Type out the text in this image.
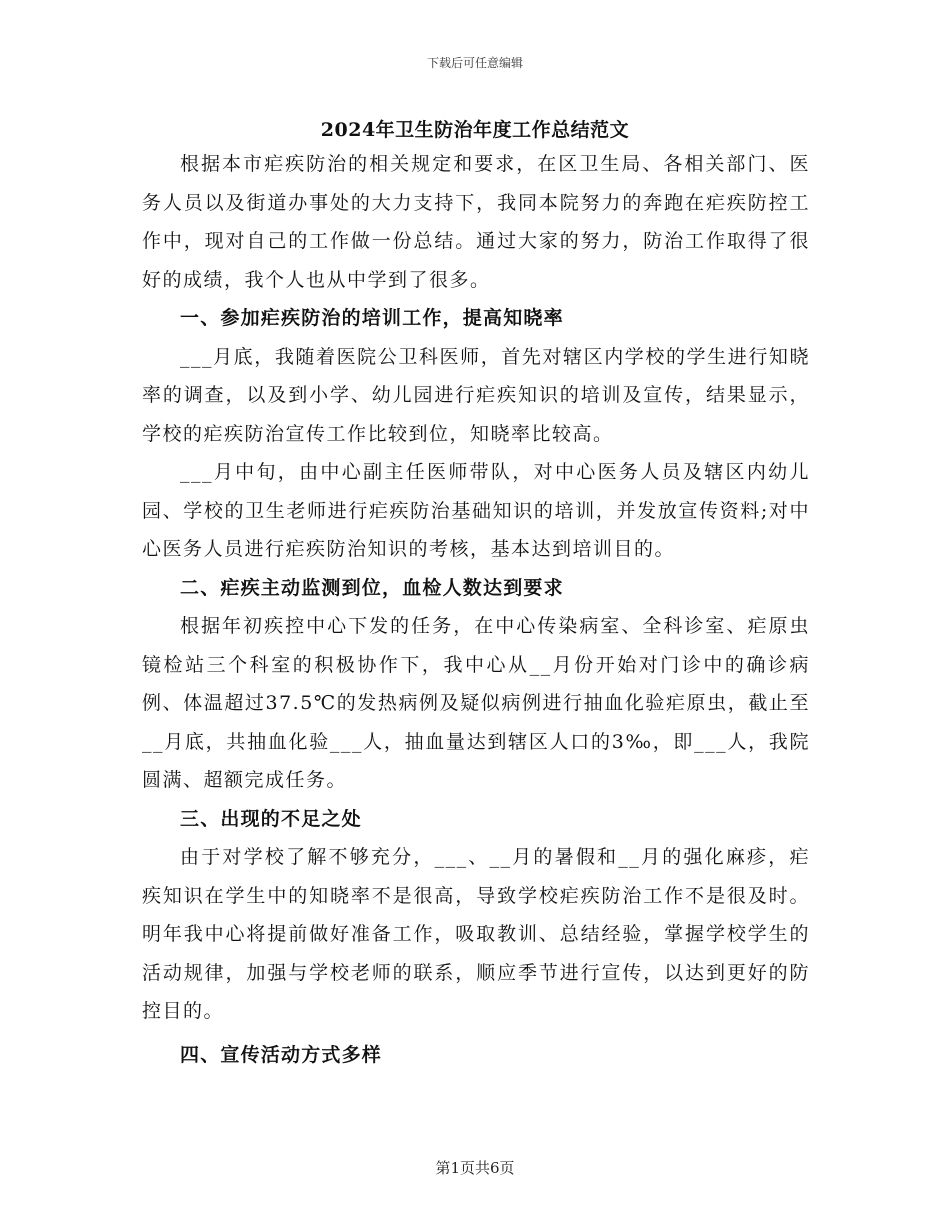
下载后可任意编辑
2024年卫生防治年度工作总结范文

根据本市疟疾防治的相关规定和要求，在区卫生局、各相关部门、医务人员以及街道办事处的大力支持下，我同本院努力的奔跑在疟疾防控工作中，现对自己的工作做一份总结。通过大家的努力，防治工作取得了很好的成绩，我个人也从中学到了很多。

一、参加疟疾防治的培训工作，提高知晓率

___月底，我随着医院公卫科医师，首先对辖区内学校的学生进行知晓率的调查，以及到小学、幼儿园进行疟疾知识的培训及宣传，结果显示，学校的疟疾防治宣传工作比较到位，知晓率比较高。

___月中旬，由中心副主任医师带队，对中心医务人员及辖区内幼儿园、学校的卫生老师进行疟疾防治基础知识的培训，并发放宣传资料;对中心医务人员进行疟疾防治知识的考核，基本达到培训目的。

二、疟疾主动监测到位，血检人数达到要求

根据年初疾控中心下发的任务，在中心传染病室、全科诊室、疟原虫镜检站三个科室的积极协作下，我中心从__月份开始对门诊中的确诊病例、体温超过37.5℃的发热病例及疑似病例进行抽血化验疟原虫，截止至__月底，共抽血化验___人，抽血量达到辖区人口的3‰，即___人，我院圆满、超额完成任务。

三、出现的不足之处

由于对学校了解不够充分，___、__月的暑假和__月的强化麻疹，疟疾知识在学生中的知晓率不是很高，导致学校疟疾防治工作不是很及时。明年我中心将提前做好准备工作，吸取教训、总结经验，掌握学校学生的活动规律，加强与学校老师的联系，顺应季节进行宣传，以达到更好的防控目的。

四、宣传活动方式多样

第1页共6页
